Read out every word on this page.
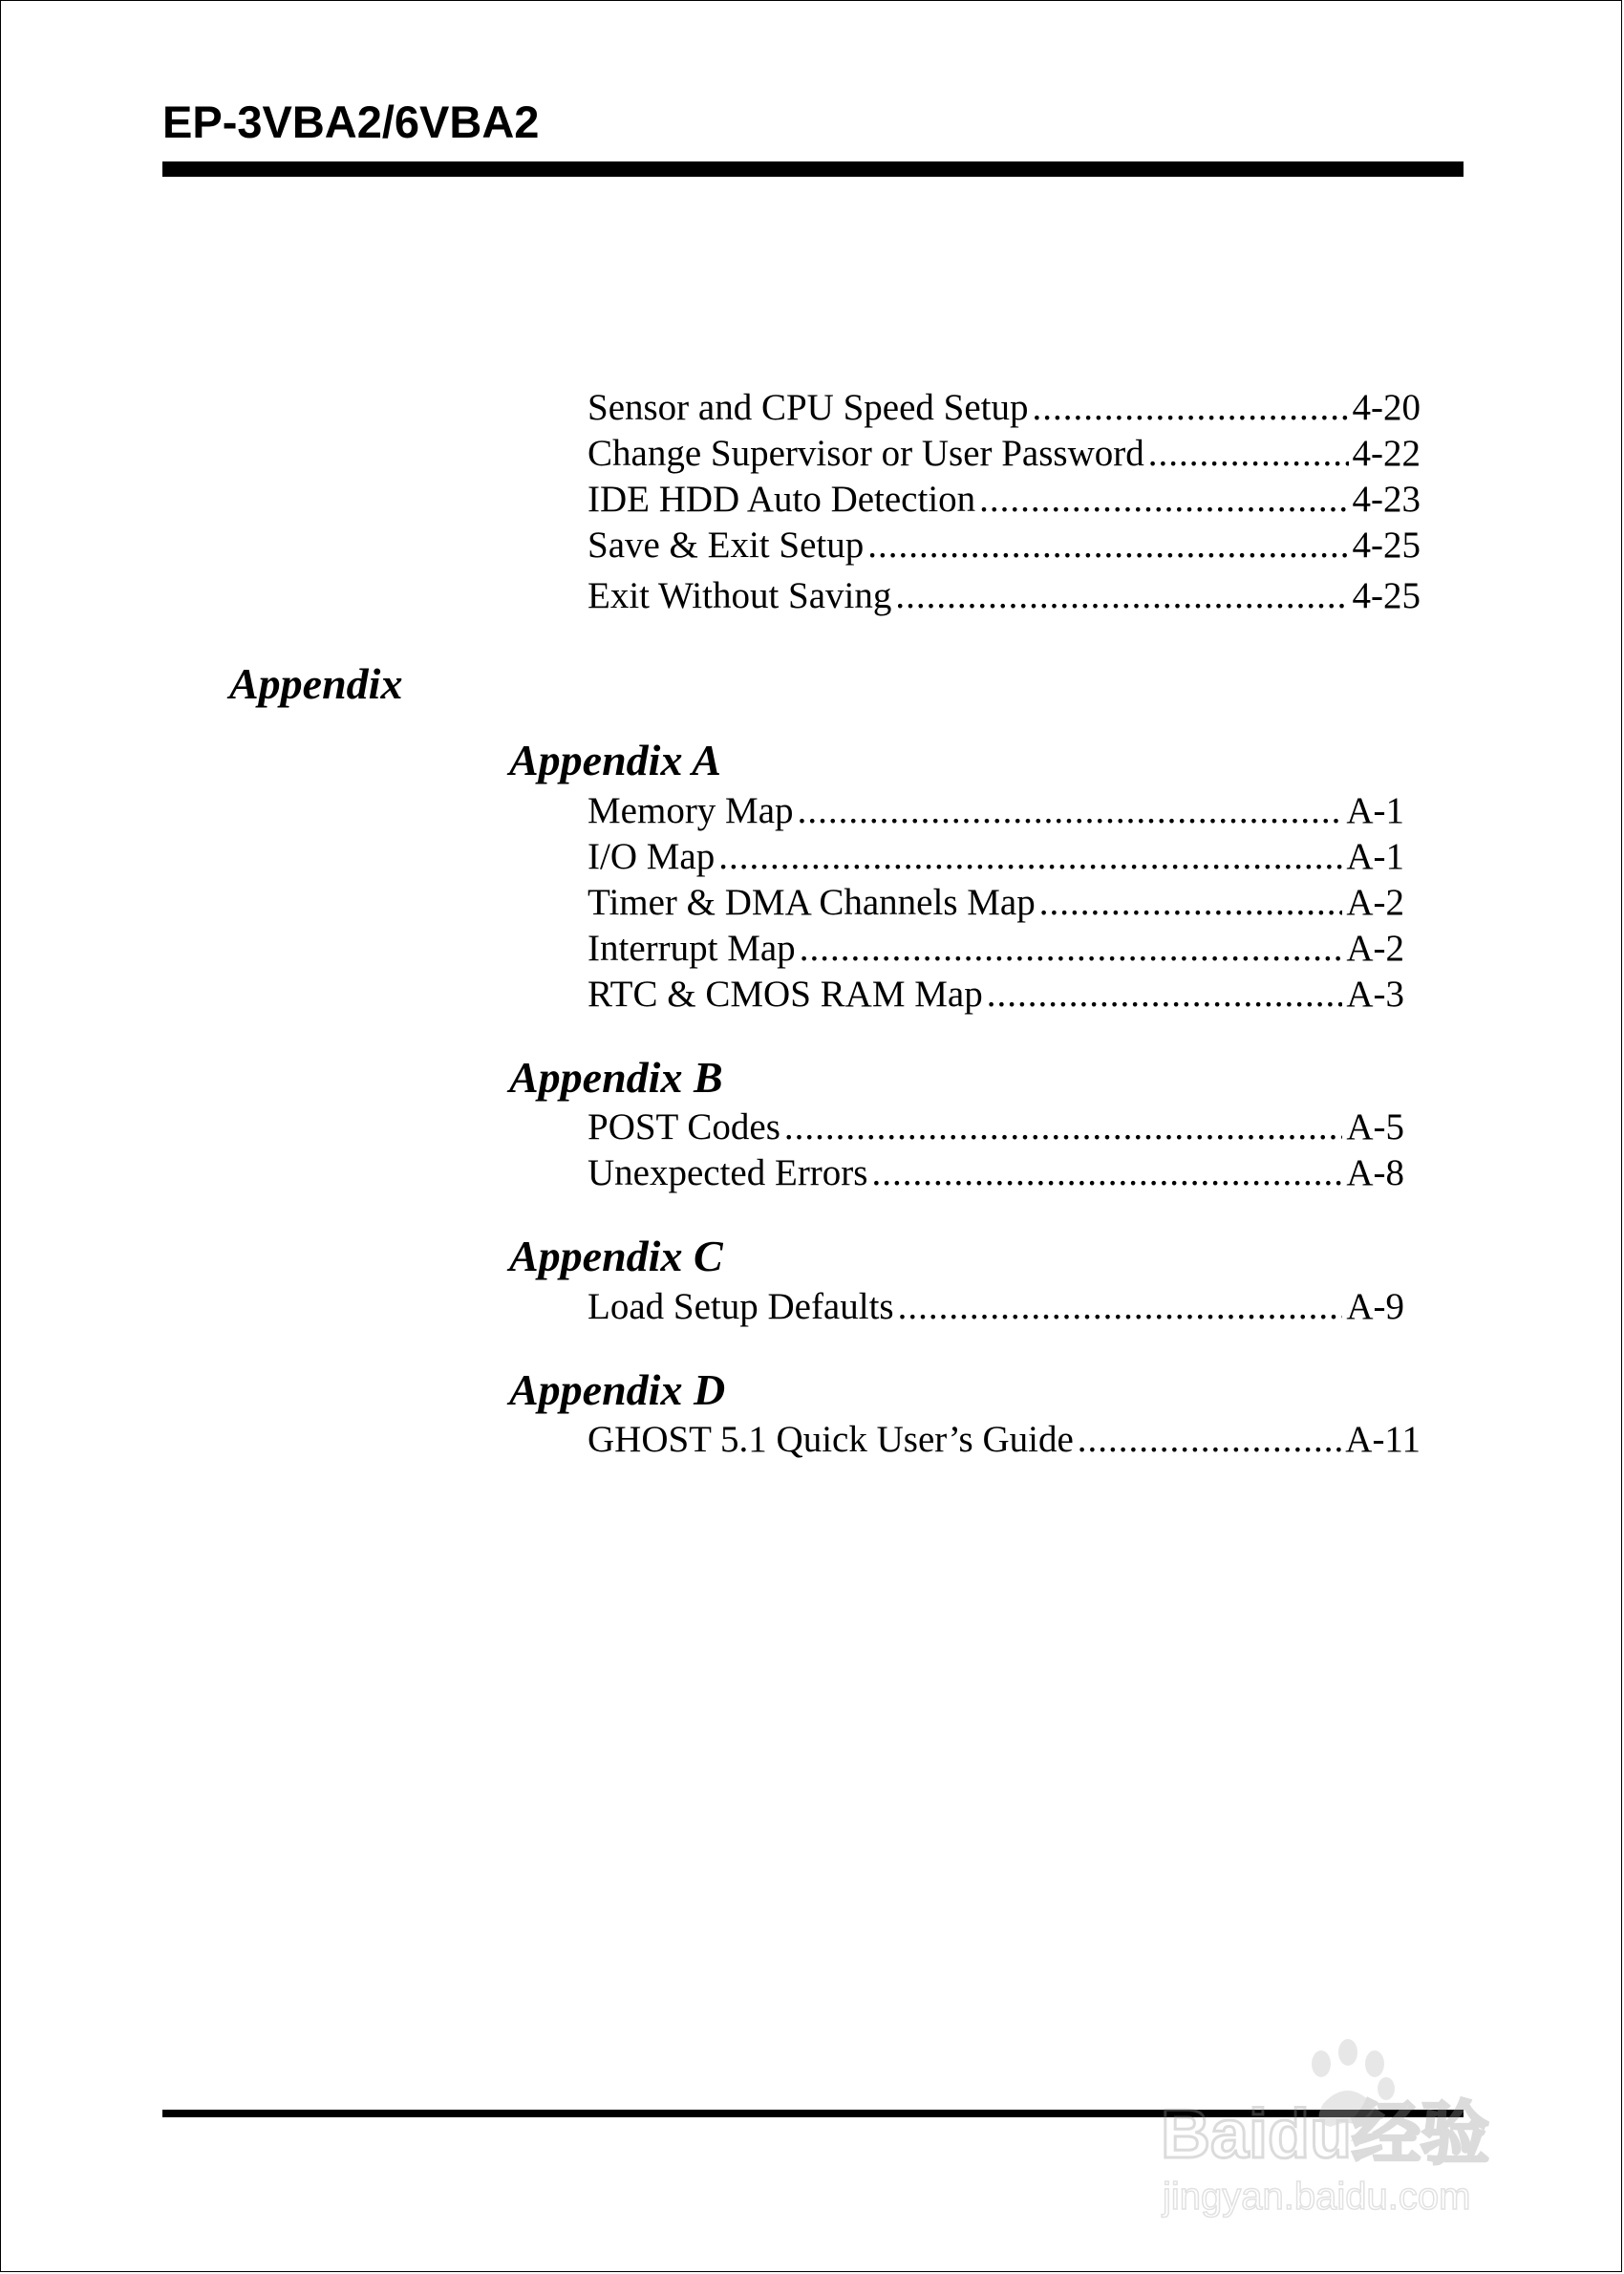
EP-3VBA2/6VBA2
Sensor and CPU Speed Setup .....	4-20
Change Supervisor or User Password .....	4-22
IDE HDD Auto Detection .....	4-23
Save & Exit Setup .....	4-25
Exit Without Saving .....	4-25
Appendix
Appendix A
Memory Map .....	A-1
I/O Map .....	A-1
Timer & DMA Channels Map .....	A-2
Interrupt Map .....	A-2
RTC & CMOS RAM Map .....	A-3
Appendix B
POST Codes .....	A-5
Unexpected Errors .....	A-8
Appendix C
Load Setup Defaults .....	A-9
Appendix D
GHOST 5.1 Quick User’s Guide .....	A-11
Baidu经验
jingyan.baidu.com
